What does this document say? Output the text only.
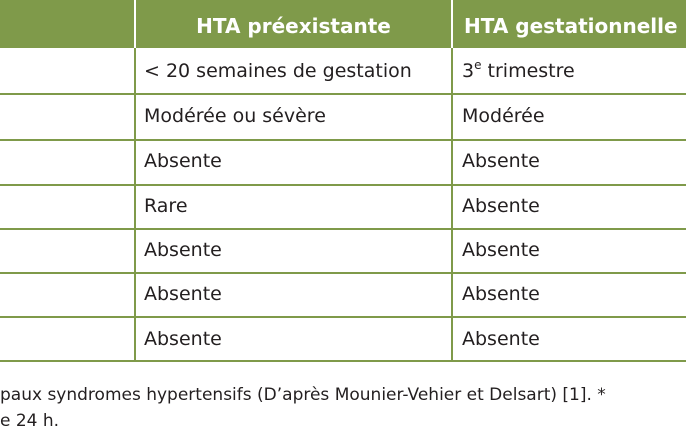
HTA préexistante	HTA gestationnelle
< 20 semaines de gestation	3e trimestre
Modérée ou sévère	Modérée
Absente	Absente
Rare	Absente
Absente	Absente
Absente	Absente
Absente	Absente
paux syndromes hypertensifs (D’après Mounier-Vehier et Delsart) [1]. *
e 24 h.
